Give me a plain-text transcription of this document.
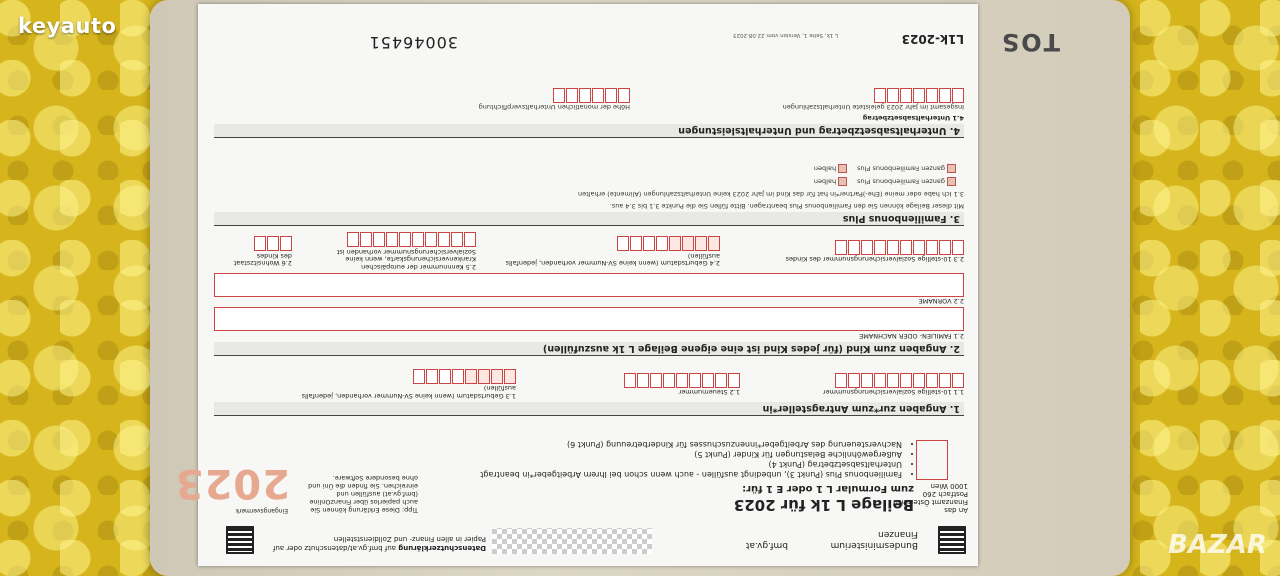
TOS
Bundesministerium
Finanzen
bmf.gv.at
Datenschutzerklärung auf bmf.gv.at/datenschutz oder auf Papier in allen Finanz- und Zolldienststellen
An das
Finanzamt Österreich
Postfach 260
1000 Wien
Beilage L 1k für 2023
zum Formular L 1 oder E 1 für:
• Familienbonus Plus (Punkt 3), unbedingt ausfüllen - auch wenn schon bei Ihrem Arbeitgeber*in beantragt
• Unterhaltsabsetzbetrag (Punkt 4)
• Außergewöhnliche Belastungen für Kinder (Punkt 5)
• Nachversteuerung des Arbeitgeber*innenzuschusses für Kinderbetreuung (Punkt 6)
Tipp: Diese Erklärung können Sie auch papierlos über FinanzOnline (bmf.gv.at) ausfüllen und einreichen. Sie finden die Üni und ohne besondere Software.
Eingangsvermerk
2023
1. Angaben zur*zum Antragsteller*in
1.1 10-stellige Sozialversicherungsnummer
1.2 Steuernummer
1.3 Geburtsdatum (wenn keine SV-Nummer vorhanden, jedenfalls ausfüllen)
2. Angaben zum Kind (für jedes Kind ist eine eigene Beilage L 1k auszufüllen)
2.1 FAMILIEN- ODER NACHNAME
2.2 VORNAME
2.3 10-stellige Sozialversicherungsnummer des Kindes
2.4 Geburtsdatum (wenn keine SV-Nummer vorhanden, jedenfalls ausfüllen)
2.5 Kennnummer der europäischen Krankenversicherungskarte, wenn keine Sozialversicherungsnummer vorhanden ist
2.6 Wohnsitzstaat des Kindes
3. Familienbonus Plus
Mit dieser Beilage können Sie den Familienbonus Plus beantragen. Bitte füllen Sie die Punkte 3.1 bis 3.4 aus.
3.1 Ich habe oder meine (Ehe-)Partner*in hat für das Kind im Jahr 2023 keine Unterhaltszahlungen (Alimente) erhalten
ganzen Familienbonus Plus halben
ganzen Familienbonus Plus halben
4. Unterhaltsabsetzbetrag und Unterhaltsleistungen
4.1 Unterhaltsabsetzbetrag
Insgesamt im Jahr 2023 geleistete Unterhaltszahlungen
Höhe der monatlichen Unterhaltsverpflichtung
L1k-2023
L 1k, Seite 1, Version vom 22.08.2023
30046451
keyauto
BAZAR
